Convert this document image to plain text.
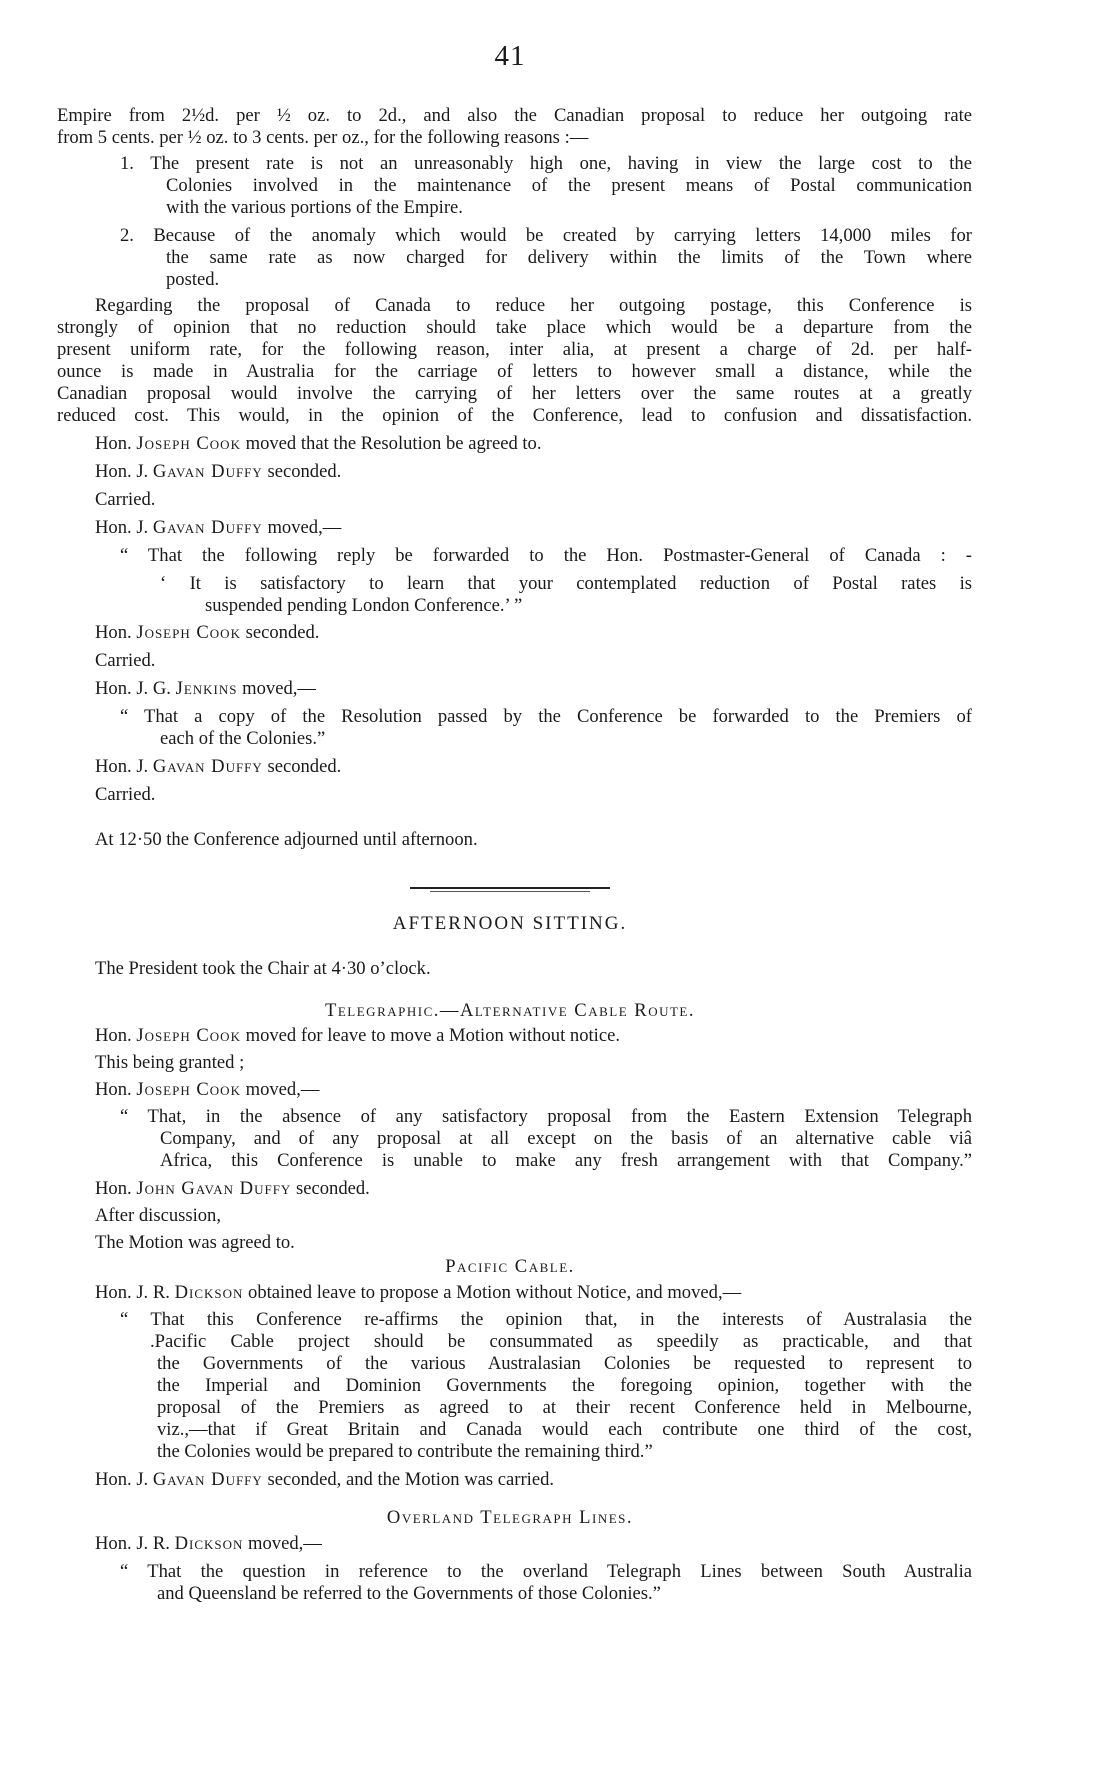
41
Empire from 2½d. per ½ oz. to 2d., and also the Canadian proposal to reduce her outgoing rate
from 5 cents. per ½ oz. to 3 cents. per oz., for the following reasons :—
1. The present rate is not an unreasonably high one, having in view the large cost to the
Colonies involved in the maintenance of the present means of Postal communication
with the various portions of the Empire.
2. Because of the anomaly which would be created by carrying letters 14,000 miles for
the same rate as now charged for delivery within the limits of the Town where
posted.
Regarding the proposal of Canada to reduce her outgoing postage, this Conference is
strongly of opinion that no reduction should take place which would be a departure from the
present uniform rate, for the following reason, inter alia, at present a charge of 2d. per half-
ounce is made in Australia for the carriage of letters to however small a distance, while the
Canadian proposal would involve the carrying of her letters over the same routes at a greatly
reduced cost. This would, in the opinion of the Conference, lead to confusion and dissatisfaction.
Hon. Joseph Cook moved that the Resolution be agreed to.
Hon. J. Gavan Duffy seconded.
Carried.
Hon. J. Gavan Duffy moved,—
“ That the following reply be forwarded to the Hon. Postmaster-General of Canada : -
‘ It is satisfactory to learn that your contemplated reduction of Postal rates is
suspended pending London Conference.’ ”
Hon. Joseph Cook seconded.
Carried.
Hon. J. G. Jenkins moved,—
“ That a copy of the Resolution passed by the Conference be forwarded to the Premiers of
each of the Colonies.”
Hon. J. Gavan Duffy seconded.
Carried.
At 12·50 the Conference adjourned until afternoon.
AFTERNOON SITTING.
The President took the Chair at 4·30 o’clock.
Telegraphic.—Alternative Cable Route.
Hon. Joseph Cook moved for leave to move a Motion without notice.
This being granted ;
Hon. Joseph Cook moved,—
“ That, in the absence of any satisfactory proposal from the Eastern Extension Telegraph
Company, and of any proposal at all except on the basis of an alternative cable viâ
Africa, this Conference is unable to make any fresh arrangement with that Company.”
Hon. John Gavan Duffy seconded.
After discussion,
The Motion was agreed to.
Pacific Cable.
Hon. J. R. Dickson obtained leave to propose a Motion without Notice, and moved,—
“ That this Conference re-affirms the opinion that, in the interests of Australasia the
.Pacific Cable project should be consummated as speedily as practicable, and that
the Governments of the various Australasian Colonies be requested to represent to
the Imperial and Dominion Governments the foregoing opinion, together with the
proposal of the Premiers as agreed to at their recent Conference held in Melbourne,
viz.,—that if Great Britain and Canada would each contribute one third of the cost,
the Colonies would be prepared to contribute the remaining third.”
Hon. J. Gavan Duffy seconded, and the Motion was carried.
Overland Telegraph Lines.
Hon. J. R. Dickson moved,—
“ That the question in reference to the overland Telegraph Lines between South Australia
and Queensland be referred to the Governments of those Colonies.”
